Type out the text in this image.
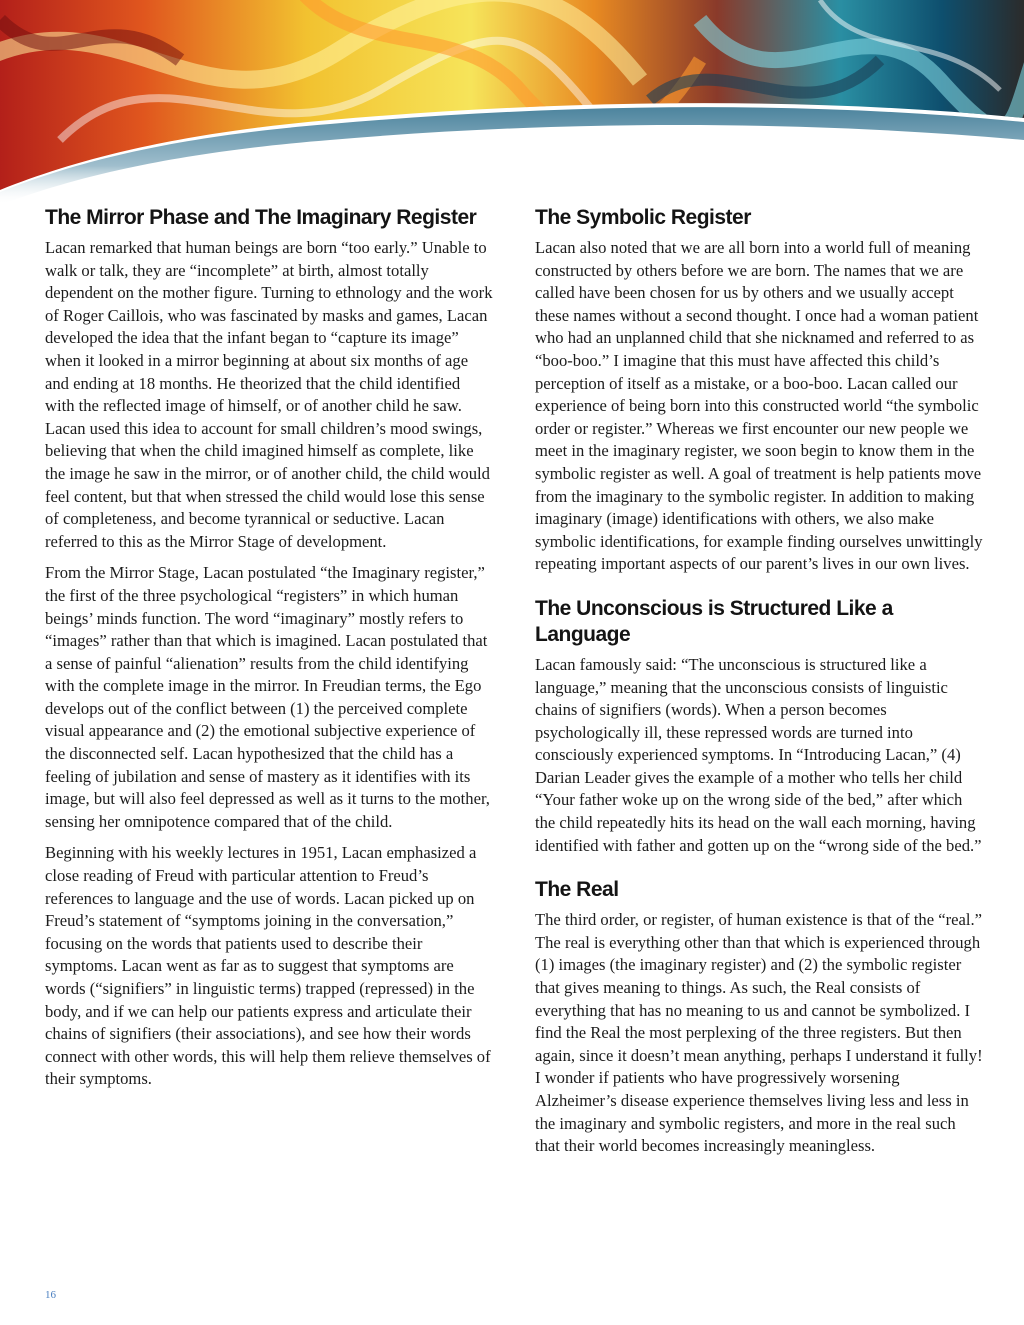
The Mirror Phase and The Imaginary Register

Lacan remarked that human beings are born “too early.” Unable to walk or talk, they are “incomplete” at birth, almost totally dependent on the mother figure. Turning to ethnology and the work of Roger Caillois, who was fascinated by masks and games, Lacan developed the idea that the infant began to “capture its image” when it looked in a mirror beginning at about six months of age and ending at 18 months. He theorized that the child identified with the reflected image of himself, or of another child he saw. Lacan used this idea to account for small children’s mood swings, believing that when the child imagined himself as complete, like the image he saw in the mirror, or of another child, the child would feel content, but that when stressed the child would lose this sense of completeness, and become tyrannical or seductive. Lacan referred to this as the Mirror Stage of development.

From the Mirror Stage, Lacan postulated “the Imaginary register,” the first of the three psychological “registers” in which human beings’ minds function. The word “imaginary” mostly refers to “images” rather than that which is imagined. Lacan postulated that a sense of painful “alienation” results from the child identifying with the complete image in the mirror. In Freudian terms, the Ego develops out of the conflict between (1) the perceived complete visual appearance and (2) the emotional subjective experience of the disconnected self. Lacan hypothesized that the child has a feeling of jubilation and sense of mastery as it identifies with its image, but will also feel depressed as well as it turns to the mother, sensing her omnipotence compared that of the child.

Beginning with his weekly lectures in 1951, Lacan emphasized a close reading of Freud with particular attention to Freud’s references to language and the use of words. Lacan picked up on Freud’s statement of “symptoms joining in the conversation,” focusing on the words that patients used to describe their symptoms. Lacan went as far as to suggest that symptoms are words (“signifiers” in linguistic terms) trapped (repressed) in the body, and if we can help our patients express and articulate their chains of signifiers (their associations), and see how their words connect with other words, this will help them relieve themselves of their symptoms.

The Symbolic Register

Lacan also noted that we are all born into a world full of meaning constructed by others before we are born. The names that we are called have been chosen for us by others and we usually accept these names without a second thought. I once had a woman patient who had an unplanned child that she nicknamed and referred to as “boo-boo.” I imagine that this must have affected this child’s perception of itself as a mistake, or a boo-boo. Lacan called our experience of being born into this constructed world “the symbolic order or register.” Whereas we first encounter our new people we meet in the imaginary register, we soon begin to know them in the symbolic register as well. A goal of treatment is help patients move from the imaginary to the symbolic register. In addition to making imaginary (image) identifications with others, we also make symbolic identifications, for example finding ourselves unwittingly repeating important aspects of our parent’s lives in our own lives.

The Unconscious is Structured Like a Language

Lacan famously said: “The unconscious is structured like a language,” meaning that the unconscious consists of linguistic chains of signifiers (words). When a person becomes psychologically ill, these repressed words are turned into consciously experienced symptoms. In “Introducing Lacan,” (4) Darian Leader gives the example of a mother who tells her child “Your father woke up on the wrong side of the bed,” after which the child repeatedly hits its head on the wall each morning, having identified with father and gotten up on the “wrong side of the bed.”

The Real

The third order, or register, of human existence is that of the “real.” The real is everything other than that which is experienced through (1) images (the imaginary register) and (2) the symbolic register that gives meaning to things. As such, the Real consists of everything that has no meaning to us and cannot be symbolized. I find the Real the most perplexing of the three registers. But then again, since it doesn’t mean anything, perhaps I understand it fully! I wonder if patients who have progressively worsening Alzheimer’s disease experience themselves living less and less in the imaginary and symbolic registers, and more in the real such that their world becomes increasingly meaningless.

16
